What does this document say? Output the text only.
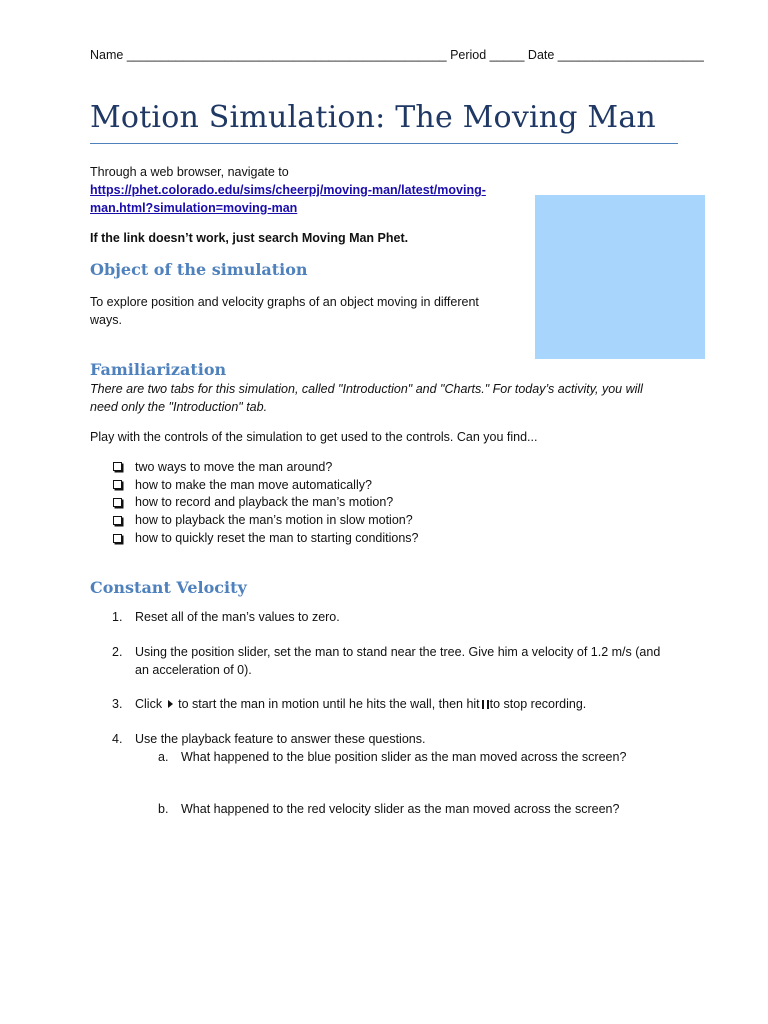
Name ______________________________________________ Period _____ Date _____________________
Motion Simulation: The Moving Man
Through a web browser, navigate to
https://phet.colorado.edu/sims/cheerpj/moving-man/latest/moving-
man.html?simulation=moving-man
If the link doesn’t work, just search Moving Man Phet.
Object of the simulation
To explore position and velocity graphs of an object moving in different
ways.
Familiarization
There are two tabs for this simulation, called "Introduction" and "Charts." For today’s activity, you will
need only the "Introduction" tab.
Play with the controls of the simulation to get used to the controls. Can you find...
two ways to move the man around?
how to make the man move automatically?
how to record and playback the man’s motion?
how to playback the man’s motion in slow motion?
how to quickly reset the man to starting conditions?
Constant Velocity
1.	Reset all of the man’s values to zero.
2.	Using the position slider, set the man to stand near the tree. Give him a velocity of 1.2 m/s (and
an acceleration of 0).
3.	Click to start the man in motion until he hits the wall, then hit to stop recording.
4.	Use the playback feature to answer these questions.
a. What happened to the blue position slider as the man moved across the screen?
b. What happened to the red velocity slider as the man moved across the screen?
